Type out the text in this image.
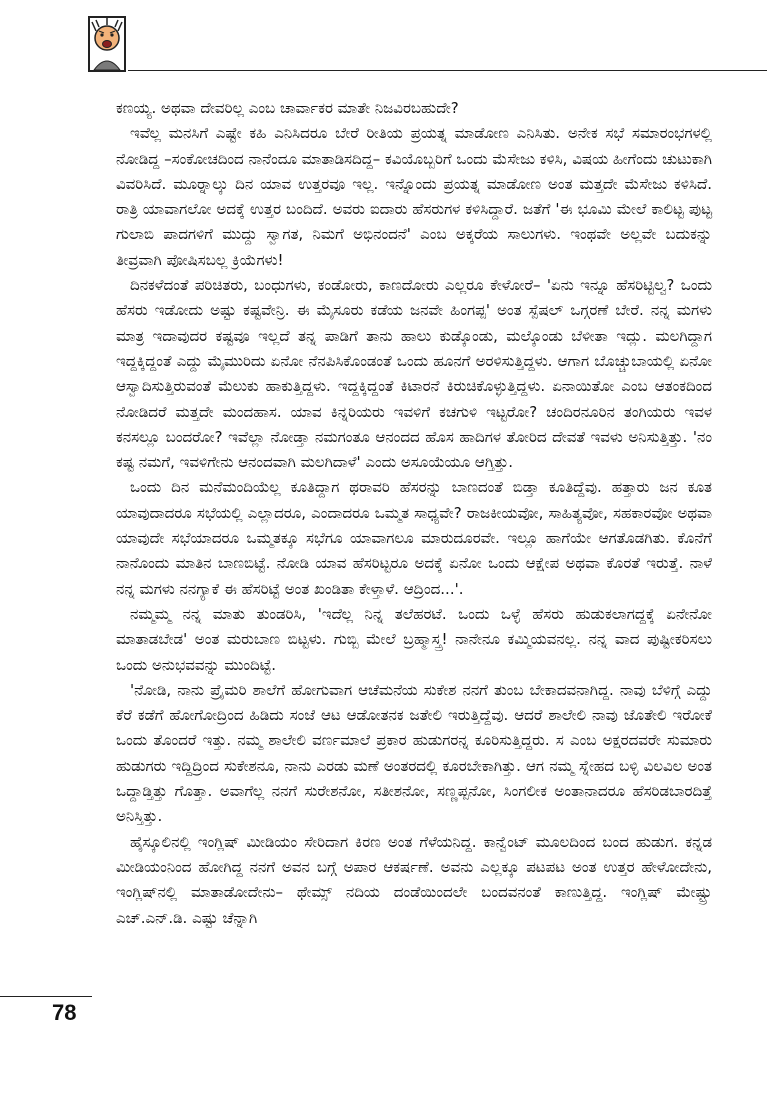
ಕಣಯ್ಯ. ಅಥವಾ ದೇವರಿಲ್ಲ ಎಂಬ ಚಾರ್ವಾಕರ ಮಾತೇ ನಿಜವಿರಬಹುದೇ?

ಇವೆಲ್ಲ ಮನಸಿಗೆ ಎಷ್ಟೇ ಕಹಿ ಎನಿಸಿದರೂ ಬೇರೆ ರೀತಿಯ ಪ್ರಯತ್ನ ಮಾಡೋಣ ಎನಿಸಿತು. ಅನೇಕ ಸಭೆ ಸಮಾರಂಭಗಳಲ್ಲಿ ನೋಡಿದ್ದ –ಸಂಕೋಚದಿಂದ ನಾನೆಂದೂ ಮಾತಾಡಿಸದಿದ್ದ– ಕವಿಯೊಬ್ಬರಿಗೆ ಒಂದು ಮೆಸೇಜು ಕಳಿಸಿ, ವಿಷಯ ಹೀಗೆಂದು ಚುಟುಕಾಗಿ ವಿವರಿಸಿದೆ. ಮೂರ್‍ನಾಲ್ಕು ದಿನ ಯಾವ ಉತ್ತರವೂ ಇಲ್ಲ. ಇನ್ನೊಂದು ಪ್ರಯತ್ನ ಮಾಡೋಣ ಅಂತ ಮತ್ತದೇ ಮೆಸೇಜು ಕಳಿಸಿದೆ. ರಾತ್ರಿ ಯಾವಾಗಲೋ ಅದಕ್ಕೆ ಉತ್ತರ ಬಂದಿದೆ. ಅವರು ಐದಾರು ಹೆಸರುಗಳ ಕಳಿಸಿದ್ದಾರೆ. ಜತೆಗೆ 'ಈ ಭೂಮಿ ಮೇಲೆ ಕಾಲಿಟ್ಟ ಪುಟ್ಟ ಗುಲಾಬಿ ಪಾದಗಳಿಗೆ ಮುದ್ದು ಸ್ವಾಗತ, ನಿಮಗೆ ಅಭಿನಂದನೆ' ಎಂಬ ಅಕ್ಕರೆಯ ಸಾಲುಗಳು. ಇಂಥವೇ ಅಲ್ಲವೇ ಬದುಕನ್ನು ತೀವ್ರವಾಗಿ ಪೋಷಿಸಬಲ್ಲ ಕ್ರಿಯೆಗಳು!

ದಿನಕಳೆದಂತೆ ಪರಿಚಿತರು, ಬಂಧುಗಳು, ಕಂಡೋರು, ಕಾಣದೋರು ಎಲ್ಲರೂ ಕೇಳೋರೆ– 'ಏನು ಇನ್ನೂ ಹೆಸರಿಟ್ಟಿಲ್ವ? ಒಂದು ಹೆಸರು ಇಡೋದು ಅಷ್ಟು ಕಷ್ಟವೇನ್ರಿ. ಈ ಮೈಸೂರು ಕಡೆಯ ಜನವೇ ಹಿಂಗಪ್ಪ' ಅಂತ ಸ್ಪೆಷಲ್ ಒಗ್ಗರಣೆ ಬೇರೆ. ನನ್ನ ಮಗಳು ಮಾತ್ರ ಇದಾವುದರ ಕಷ್ಟವೂ ಇಲ್ಲದೆ ತನ್ನ ಪಾಡಿಗೆ ತಾನು ಹಾಲು ಕುಡ್ಕೊಂಡು, ಮಲ್ಕೊಂಡು ಬೆಳೀತಾ ಇದ್ಲು. ಮಲಗಿದ್ದಾಗ ಇದ್ದಕ್ಕಿದ್ದಂತೆ ಎದ್ದು ಮೈಮುರಿದು ಏನೋ ನೆನಪಿಸಿಕೊಂಡಂತೆ ಒಂದು ಹೂನಗೆ ಅರಳಿಸುತ್ತಿದ್ದಳು. ಆಗಾಗ ಬೊಚ್ಚುಬಾಯಲ್ಲಿ ಏನೋ ಆಸ್ವಾದಿಸುತ್ತಿರುವಂತೆ ಮೆಲುಕು ಹಾಕುತ್ತಿದ್ದಳು. ಇದ್ದಕ್ಕಿದ್ದಂತೆ ಕಿಟಾರನೆ ಕಿರುಚಿಕೊಳ್ಳುತ್ತಿದ್ದಳು. ಏನಾಯಿತೋ ಎಂಬ ಆತಂಕದಿಂದ ನೋಡಿದರೆ ಮತ್ತದೇ ಮಂದಹಾಸ. ಯಾವ ಕಿನ್ನರಿಯರು ಇವಳಿಗೆ ಕಚಗುಳಿ ಇಟ್ಟರೋ? ಚಂದಿರನೂರಿನ ತಂಗಿಯರು ಇವಳ ಕನಸಲ್ಲೂ ಬಂದರೋ? ಇವೆಲ್ಲಾ ನೋಡ್ತಾ ನಮಗಂತೂ ಆನಂದದ ಹೊಸ ಹಾದಿಗಳ ತೋರಿದ ದೇವತೆ ಇವಳು ಅನಿಸುತ್ತಿತ್ತು. 'ನಂ ಕಷ್ಟ ನಮಗೆ, ಇವಳಿಗೇನು ಆನಂದವಾಗಿ ಮಲಗಿದಾಳೆ' ಎಂದು ಅಸೂಯೆಯೂ ಆಗ್ತಿತ್ತು.

ಒಂದು ದಿನ ಮನೆಮಂದಿಯೆಲ್ಲ ಕೂತಿದ್ದಾಗ ಥರಾವರಿ ಹೆಸರನ್ನು ಬಾಣದಂತೆ ಬಿಡ್ತಾ ಕೂತಿದ್ದೆವು. ಹತ್ತಾರು ಜನ ಕೂತ ಯಾವುದಾದರೂ ಸಭೆಯಲ್ಲಿ ಎಲ್ಲಾದರೂ, ಎಂದಾದರೂ ಒಮ್ಮತ ಸಾಧ್ಯವೇ? ರಾಜಕೀಯವೋ, ಸಾಹಿತ್ಯವೋ, ಸಹಕಾರವೋ ಅಥವಾ ಯಾವುದೇ ಸಭೆಯಾದರೂ ಒಮ್ಮತಕ್ಕೂ ಸಭೆಗೂ ಯಾವಾಗಲೂ ಮಾರುದೂರವೇ. ಇಲ್ಲೂ ಹಾಗೆಯೇ ಆಗತೊಡಗಿತು. ಕೊನೆಗೆ ನಾನೊಂದು ಮಾತಿನ ಬಾಣಬಿಟ್ಟೆ. ನೋಡಿ ಯಾವ ಹೆಸರಿಟ್ಟರೂ ಅದಕ್ಕೆ ಏನೋ ಒಂದು ಆಕ್ಷೇಪ ಅಥವಾ ಕೊರತೆ ಇರುತ್ತೆ. ನಾಳೆ ನನ್ನ ಮಗಳು ನನಗ್ಯಾಕೆ ಈ ಹೆಸರಿಟ್ಟೆ ಅಂತ ಖಂಡಿತಾ ಕೇಳ್ತಾಳೆ. ಆದ್ರಿಂದ...'.

ನಮ್ಮಮ್ಮ ನನ್ನ ಮಾತು ತುಂಡರಿಸಿ, 'ಇದೆಲ್ಲ ನಿನ್ನ ತಲೆಹರಟೆ. ಒಂದು ಒಳ್ಳೆ ಹೆಸರು ಹುಡುಕಲಾಗದ್ದಕ್ಕೆ ಏನೇನೋ ಮಾತಾಡಬೇಡ' ಅಂತ ಮರುಬಾಣ ಬಿಟ್ಟಳು. ಗುಬ್ಬಿ ಮೇಲೆ ಬ್ರಹ್ಮಾಸ್ತ್ರ! ನಾನೇನೂ ಕಮ್ಮಿಯವನಲ್ಲ. ನನ್ನ ವಾದ ಪುಷ್ಟೀಕರಿಸಲು ಒಂದು ಅನುಭವವನ್ನು ಮುಂದಿಟ್ಟೆ.

'ನೋಡಿ, ನಾನು ಪ್ರೈಮರಿ ಶಾಲೆಗೆ ಹೋಗುವಾಗ ಆಚೆಮನೆಯ ಸುಕೇಶ ನನಗೆ ತುಂಬ ಬೇಕಾದವನಾಗಿದ್ದ. ನಾವು ಬೆಳಿಗ್ಗೆ ಎದ್ದು ಕೆರೆ ಕಡೆಗೆ ಹೋಗೋದ್ರಿಂದ ಹಿಡಿದು ಸಂಜೆ ಆಟ ಆಡೋತನಕ ಜತೇಲಿ ಇರುತ್ತಿದ್ದೆವು. ಆದರೆ ಶಾಲೇಲಿ ನಾವು ಜೊತೇಲಿ ಇರೋಕೆ ಒಂದು ತೊಂದರೆ ಇತ್ತು. ನಮ್ಮ ಶಾಲೇಲಿ ವರ್ಣಮಾಲೆ ಪ್ರಕಾರ ಹುಡುಗರನ್ನ ಕೂರಿಸುತ್ತಿದ್ದರು. ಸ ಎಂಬ ಅಕ್ಷರದವರೇ ಸುಮಾರು ಹುಡುಗರು ಇದ್ದಿದ್ರಿಂದ ಸುಕೇಶನೂ, ನಾನು ಎರಡು ಮಣೆ ಅಂತರದಲ್ಲಿ ಕೂರಬೇಕಾಗಿತ್ತು. ಆಗ ನಮ್ಮ ಸ್ನೇಹದ ಬಳ್ಳಿ ವಿಲವಿಲ ಅಂತ ಒದ್ದಾಡ್ತಿತ್ತು ಗೊತ್ತಾ. ಅವಾಗೆಲ್ಲ ನನಗೆ ಸುರೇಶನೋ, ಸತೀಶನೋ, ಸಣ್ಣಪ್ಪನೋ, ಸಿಂಗಲೀಕ ಅಂತಾನಾದರೂ ಹೆಸರಿಡಬಾರದಿತ್ತೆ ಅನಿಸ್ತಿತ್ತು.

ಹೈಸ್ಕೂಲಿನಲ್ಲಿ ಇಂಗ್ಲಿಷ್ ಮೀಡಿಯಂ ಸೇರಿದಾಗ ಕಿರಣ ಅಂತ ಗೆಳೆಯನಿದ್ದ. ಕಾನ್ವೆಂಟ್ ಮೂಲದಿಂದ ಬಂದ ಹುಡುಗ. ಕನ್ನಡ ಮೀಡಿಯಂನಿಂದ ಹೋಗಿದ್ದ ನನಗೆ ಅವನ ಬಗ್ಗೆ ಅಪಾರ ಆಕರ್ಷಣೆ. ಅವನು ಎಲ್ಲಕ್ಕೂ ಪಟಪಟ ಅಂತ ಉತ್ತರ ಹೇಳೋದೇನು, ಇಂಗ್ಲಿಷ್‌ನಲ್ಲಿ ಮಾತಾಡೋದೇನು– ಥೇಮ್ಸ್ ನದಿಯ ದಂಡೆಯಿಂದಲೇ ಬಂದವನಂತೆ ಕಾಣುತ್ತಿದ್ದ. ಇಂಗ್ಲಿಷ್ ಮೇಷ್ಟ್ರು ಎಚ್.ಎನ್.ಡಿ. ಎಷ್ಟು ಚೆನ್ನಾಗಿ

78
